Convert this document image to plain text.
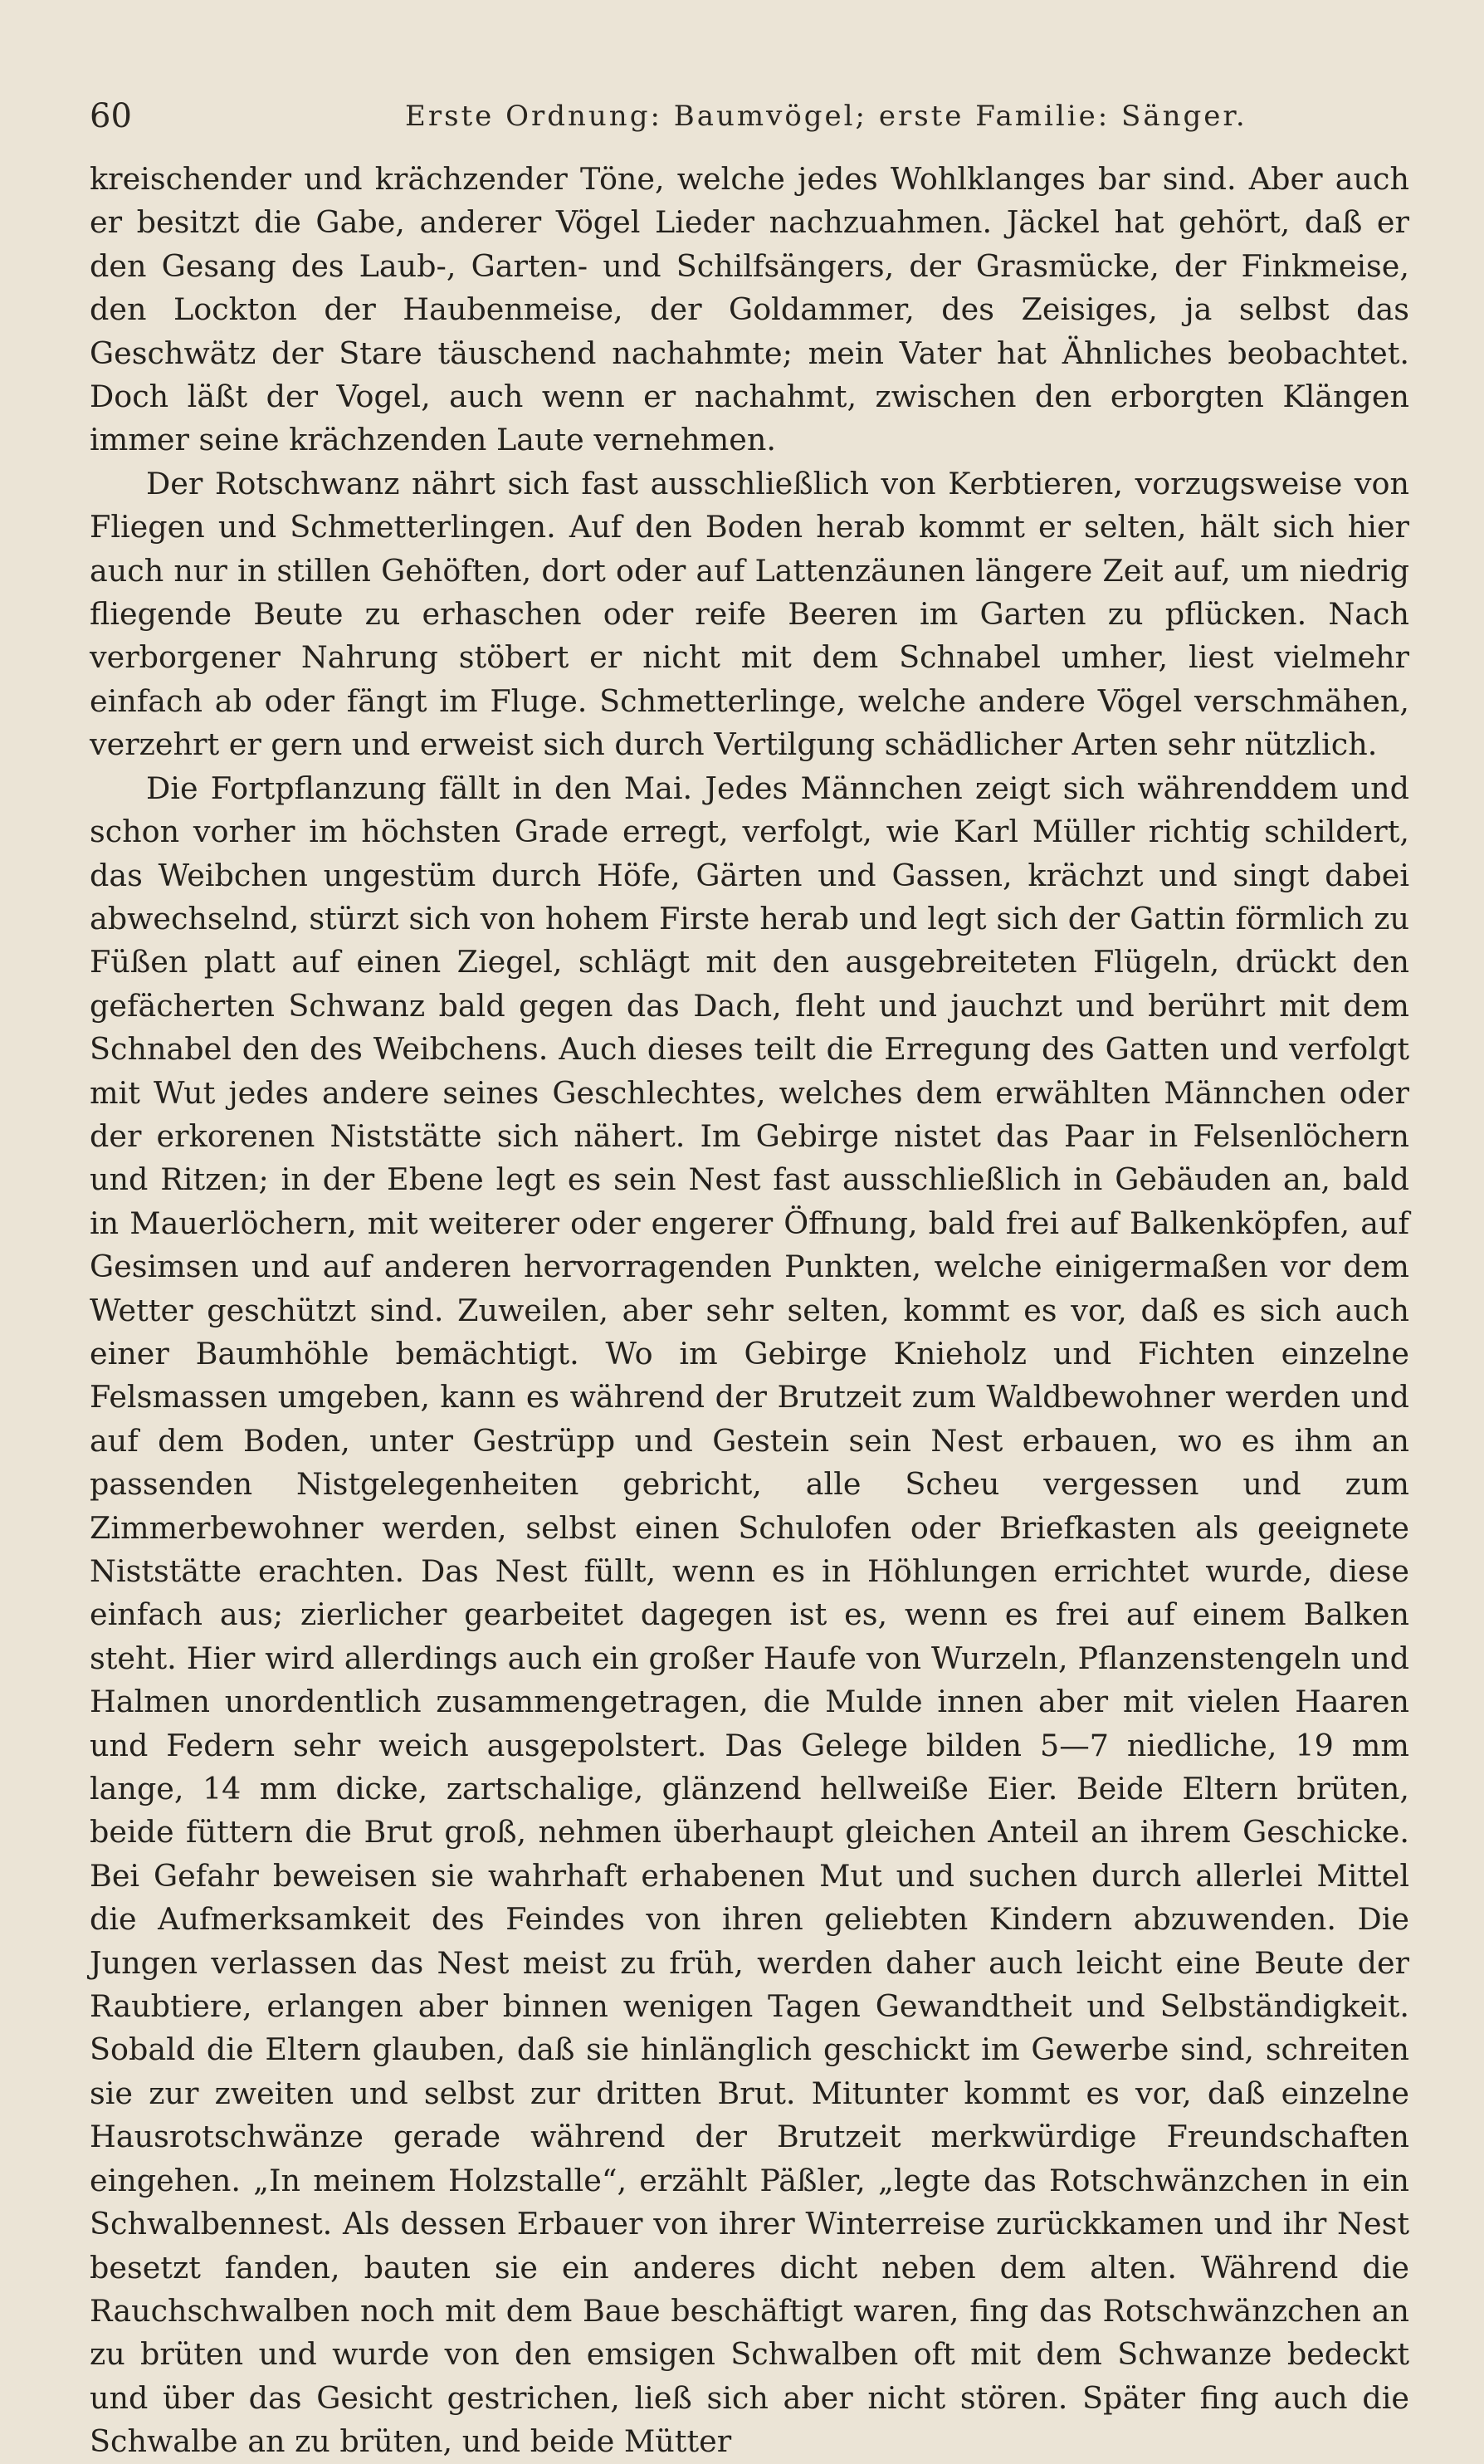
60	Erste Ordnung: Baumvögel; erste Familie: Sänger.

kreischender und krächzender Töne, welche jedes Wohlklanges bar sind. Aber auch er besitzt die Gabe, anderer Vögel Lieder nachzuahmen. Jäckel hat gehört, daß er den Gesang des Laub-, Garten- und Schilfsängers, der Grasmücke, der Finkmeise, den Lockton der Haubenmeise, der Goldammer, des Zeisiges, ja selbst das Geschwätz der Stare täuschend nachahmte; mein Vater hat Ähnliches beobachtet. Doch läßt der Vogel, auch wenn er nachahmt, zwischen den erborgten Klängen immer seine krächzenden Laute vernehmen.

Der Rotschwanz nährt sich fast ausschließlich von Kerbtieren, vorzugsweise von Fliegen und Schmetterlingen. Auf den Boden herab kommt er selten, hält sich hier auch nur in stillen Gehöften, dort oder auf Lattenzäunen längere Zeit auf, um niedrig fliegende Beute zu erhaschen oder reife Beeren im Garten zu pflücken. Nach verborgener Nahrung stöbert er nicht mit dem Schnabel umher, liest vielmehr einfach ab oder fängt im Fluge. Schmetterlinge, welche andere Vögel verschmähen, verzehrt er gern und erweist sich durch Vertilgung schädlicher Arten sehr nützlich.

Die Fortpflanzung fällt in den Mai. Jedes Männchen zeigt sich währenddem und schon vorher im höchsten Grade erregt, verfolgt, wie Karl Müller richtig schildert, das Weibchen ungestüm durch Höfe, Gärten und Gassen, krächzt und singt dabei abwechselnd, stürzt sich von hohem Firste herab und legt sich der Gattin förmlich zu Füßen platt auf einen Ziegel, schlägt mit den ausgebreiteten Flügeln, drückt den gefächerten Schwanz bald gegen das Dach, fleht und jauchzt und berührt mit dem Schnabel den des Weibchens. Auch dieses teilt die Erregung des Gatten und verfolgt mit Wut jedes andere seines Geschlechtes, welches dem erwählten Männchen oder der erkorenen Niststätte sich nähert. Im Gebirge nistet das Paar in Felsenlöchern und Ritzen; in der Ebene legt es sein Nest fast ausschließlich in Gebäuden an, bald in Mauerlöchern, mit weiterer oder engerer Öffnung, bald frei auf Balkenköpfen, auf Gesimsen und auf anderen hervorragenden Punkten, welche einigermaßen vor dem Wetter geschützt sind. Zuweilen, aber sehr selten, kommt es vor, daß es sich auch einer Baumhöhle bemächtigt. Wo im Gebirge Knieholz und Fichten einzelne Felsmassen umgeben, kann es während der Brutzeit zum Waldbewohner werden und auf dem Boden, unter Gestrüpp und Gestein sein Nest erbauen, wo es ihm an passenden Nistgelegenheiten gebricht, alle Scheu vergessen und zum Zimmerbewohner werden, selbst einen Schulofen oder Briefkasten als geeignete Niststätte erachten. Das Nest füllt, wenn es in Höhlungen errichtet wurde, diese einfach aus; zierlicher gearbeitet dagegen ist es, wenn es frei auf einem Balken steht. Hier wird allerdings auch ein großer Haufe von Wurzeln, Pflanzenstengeln und Halmen unordentlich zusammengetragen, die Mulde innen aber mit vielen Haaren und Federn sehr weich ausgepolstert. Das Gelege bilden 5—7 niedliche, 19 mm lange, 14 mm dicke, zartschalige, glänzend hellweiße Eier. Beide Eltern brüten, beide füttern die Brut groß, nehmen überhaupt gleichen Anteil an ihrem Geschicke. Bei Gefahr beweisen sie wahrhaft erhabenen Mut und suchen durch allerlei Mittel die Aufmerksamkeit des Feindes von ihren geliebten Kindern abzuwenden. Die Jungen verlassen das Nest meist zu früh, werden daher auch leicht eine Beute der Raubtiere, erlangen aber binnen wenigen Tagen Gewandtheit und Selbständigkeit. Sobald die Eltern glauben, daß sie hinlänglich geschickt im Gewerbe sind, schreiten sie zur zweiten und selbst zur dritten Brut. Mitunter kommt es vor, daß einzelne Hausrotschwänze gerade während der Brutzeit merkwürdige Freundschaften eingehen. „In meinem Holzstalle“, erzählt Päßler, „legte das Rotschwänzchen in ein Schwalbennest. Als dessen Erbauer von ihrer Winterreise zurückkamen und ihr Nest besetzt fanden, bauten sie ein anderes dicht neben dem alten. Während die Rauchschwalben noch mit dem Baue beschäftigt waren, fing das Rotschwänzchen an zu brüten und wurde von den emsigen Schwalben oft mit dem Schwanze bedeckt und über das Gesicht gestrichen, ließ sich aber nicht stören. Später fing auch die Schwalbe an zu brüten, und beide Mütter
